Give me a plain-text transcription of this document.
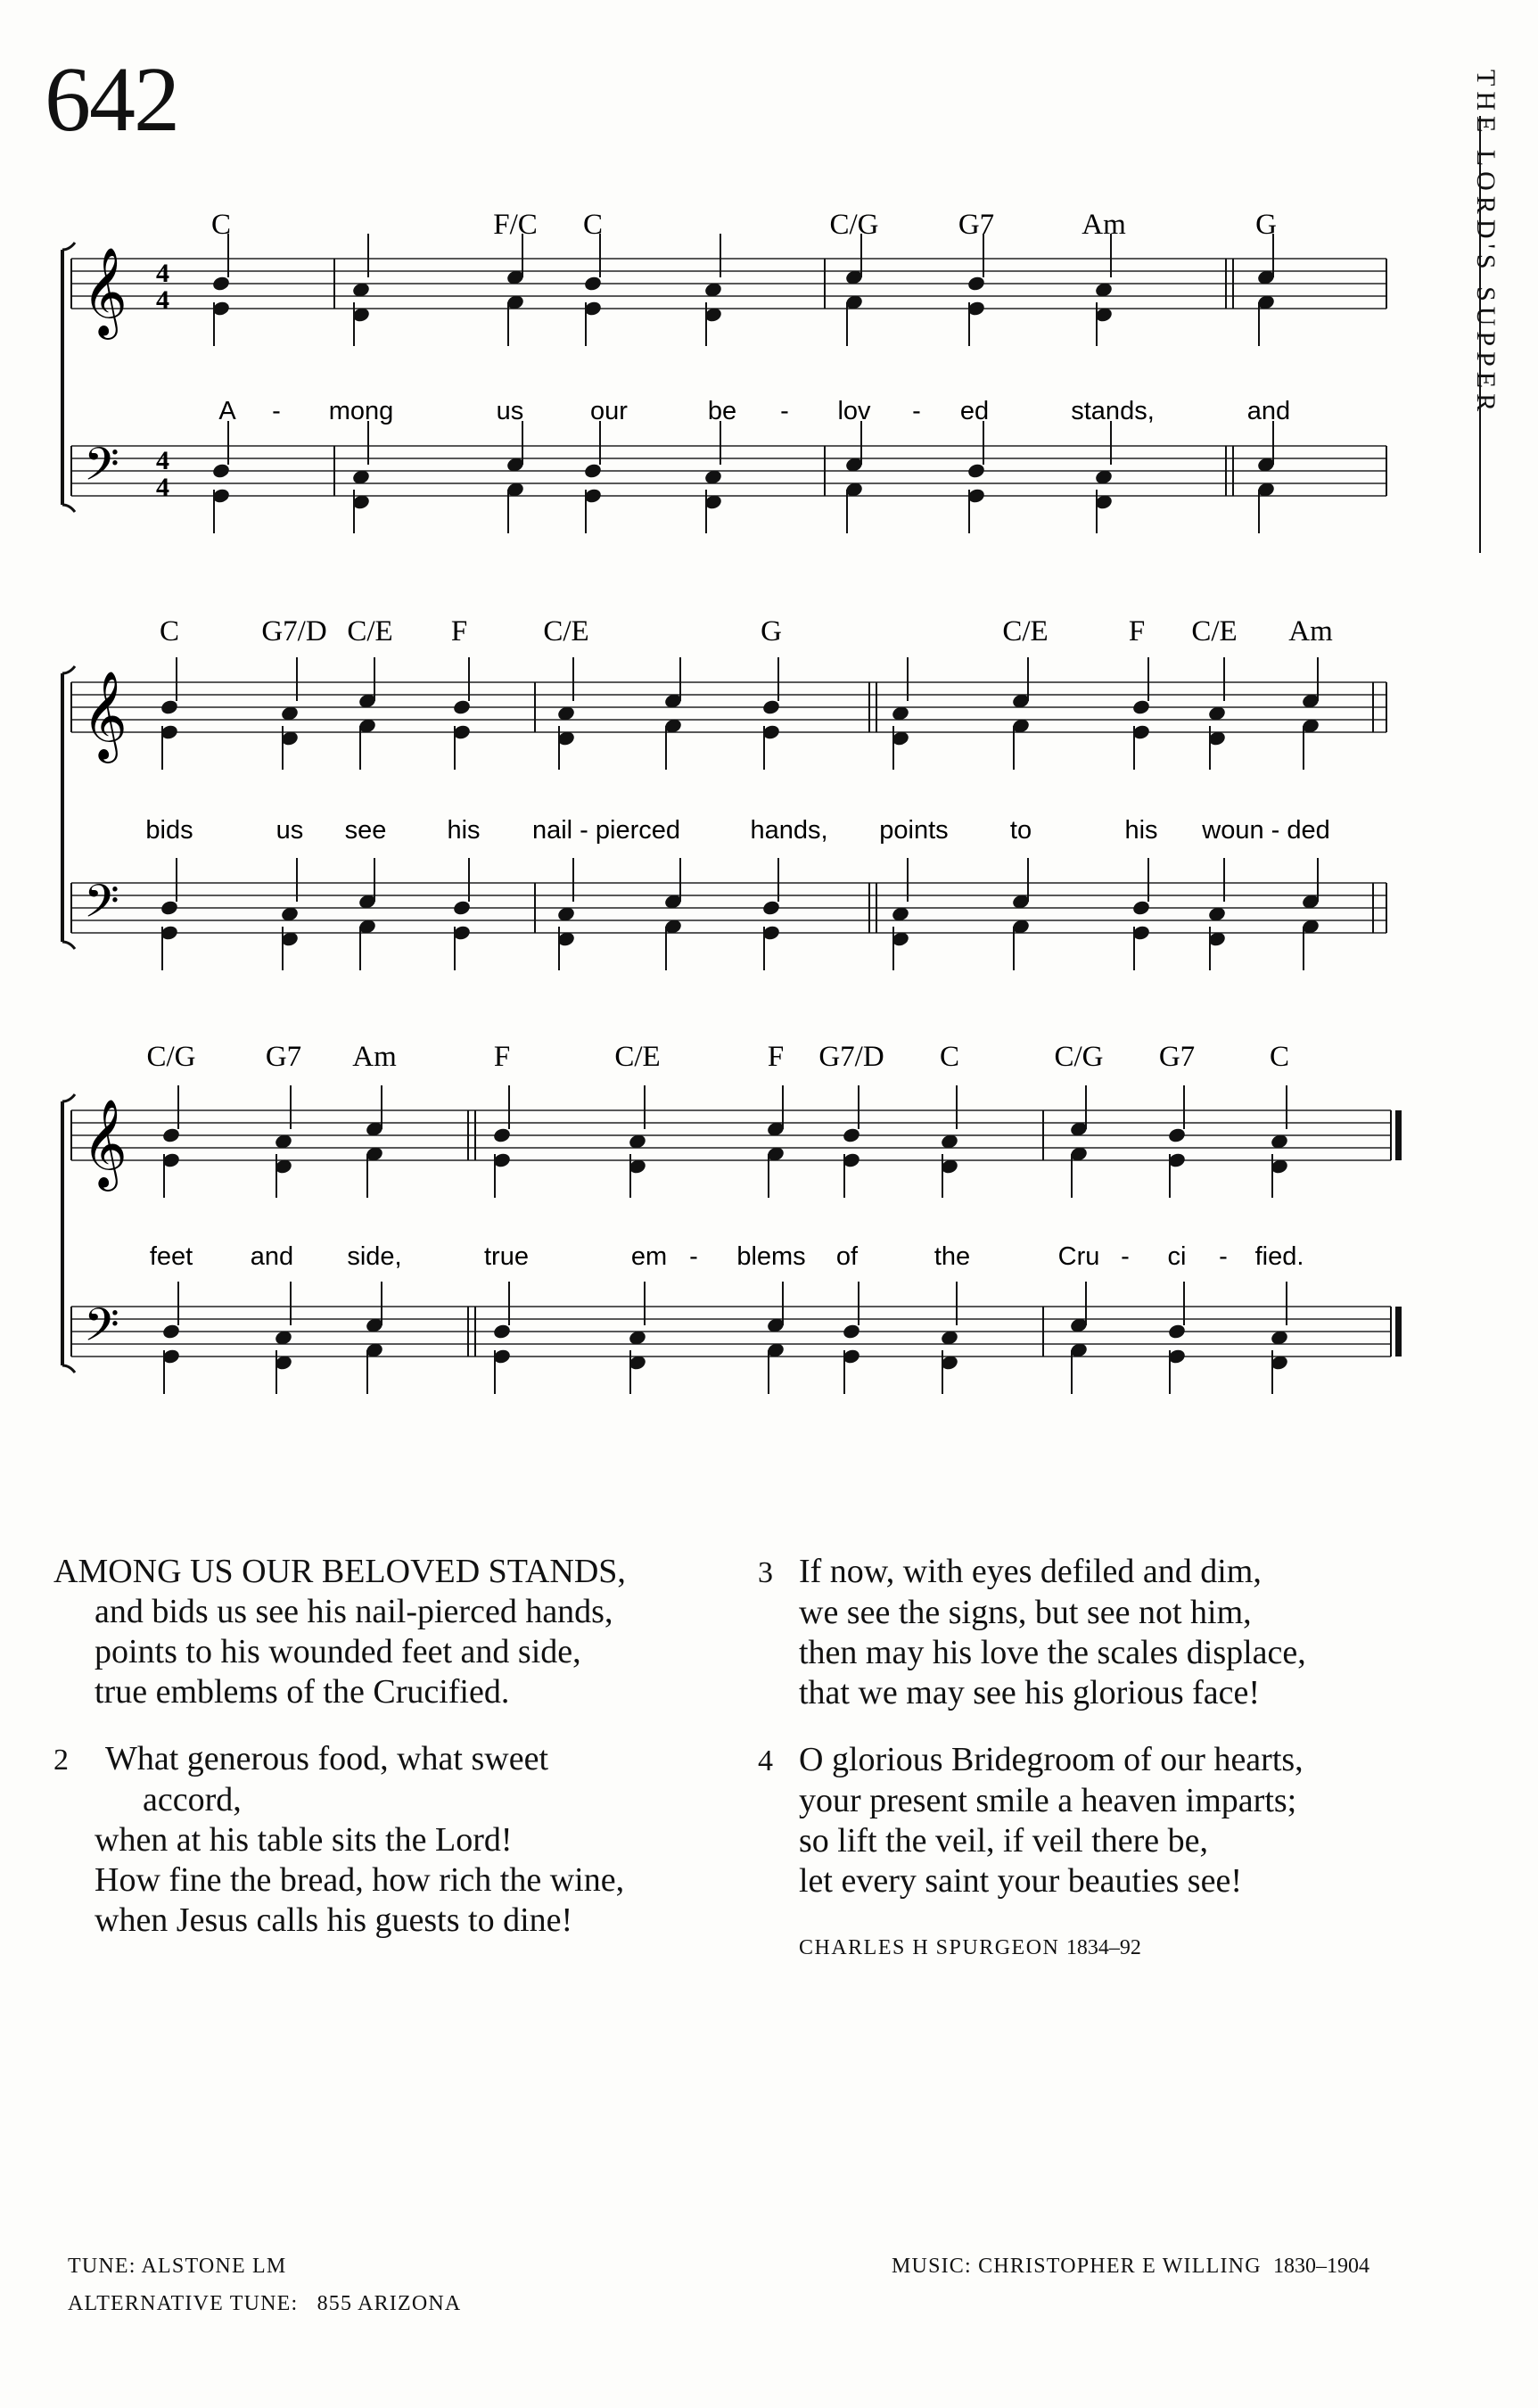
642	THE LORD'S SUPPER
𝄞
𝄢
4
4
4
4
C	F/C C	C/G	G7	Am	G
A - mong	us	our	be - lov - ed	stands,	and
𝄞
𝄢
C	G7/D C/E F	C/E	G	C/E	F C/E Am
bids	us see his nail - pierced	hands, points to	his woun - ded
𝄞
𝄢
C/G G7 Am	F	C/E	F G7/D C	C/G G7	C
feet and side,	true	em - blems of	the	Cru - ci - fied.
AMONG US OUR BELOVED STANDS,
and bids us see his nail-pierced hands,
points to his wounded feet and side,
true emblems of the Crucified.
2 What generous food, what sweet
accord,
when at his table sits the Lord!
How fine the bread, how rich the wine,
when Jesus calls his guests to dine!
3 If now, with eyes defiled and dim,
we see the signs, but see not him,
then may his love the scales displace,
that we may see his glorious face!
4 O glorious Bridegroom of our hearts,
your present smile a heaven imparts;
so lift the veil, if veil there be,
let every saint your beauties see!
CHARLES H SPURGEON 1834–92
TUNE: ALSTONE LM
ALTERNATIVE TUNE: 855 ARIZONA
MUSIC: CHRISTOPHER E WILLING 1830–1904
